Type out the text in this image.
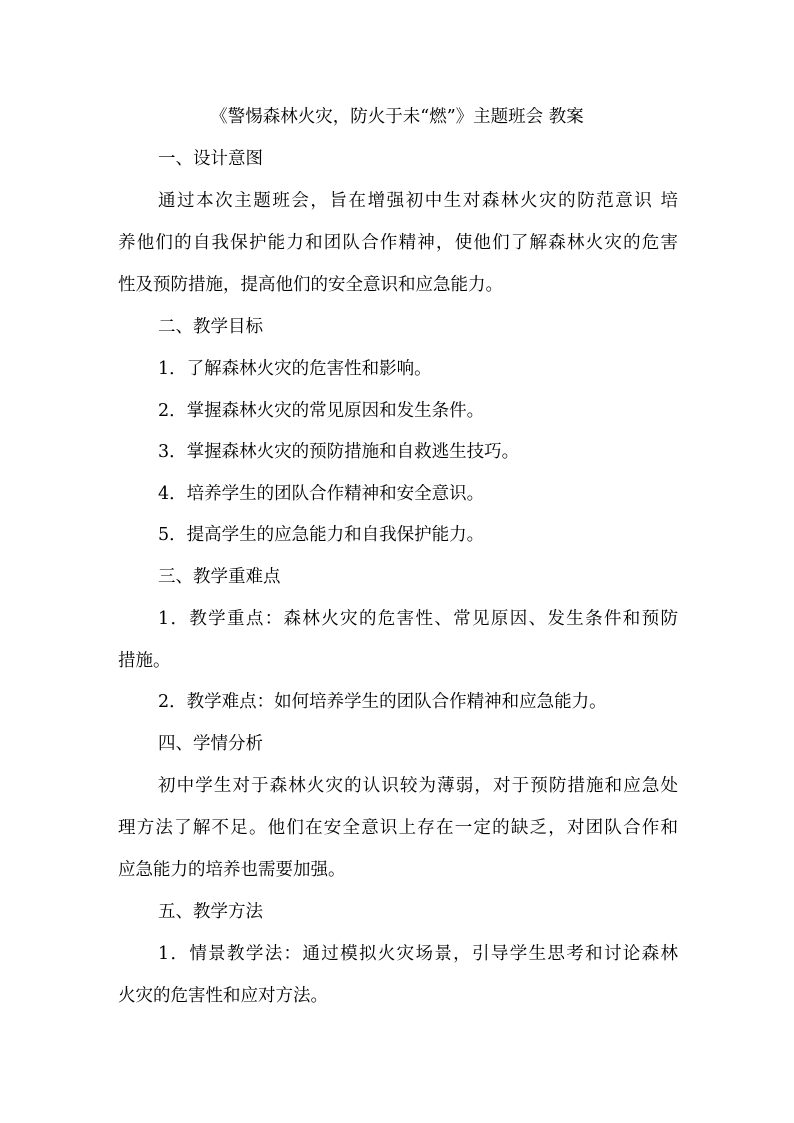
《警惕森林火灾，防火于未“燃”》主题班会 教案

一、设计意图

通过本次主题班会，旨在增强初中生对森林火灾的防范意识 培

养他们的自我保护能力和团队合作精神，使他们了解森林火灾的危害

性及预防措施，提高他们的安全意识和应急能力。

二、教学目标

1．了解森林火灾的危害性和影响。

2．掌握森林火灾的常见原因和发生条件。

3．掌握森林火灾的预防措施和自救逃生技巧。

4．培养学生的团队合作精神和安全意识。

5．提高学生的应急能力和自我保护能力。

三、教学重难点

1．教学重点：森林火灾的危害性、常见原因、发生条件和预防

措施。

2．教学难点：如何培养学生的团队合作精神和应急能力。

四、学情分析

初中学生对于森林火灾的认识较为薄弱，对于预防措施和应急处

理方法了解不足。他们在安全意识上存在一定的缺乏，对团队合作和

应急能力的培养也需要加强。

五、教学方法

1．情景教学法：通过模拟火灾场景，引导学生思考和讨论森林

火灾的危害性和应对方法。
